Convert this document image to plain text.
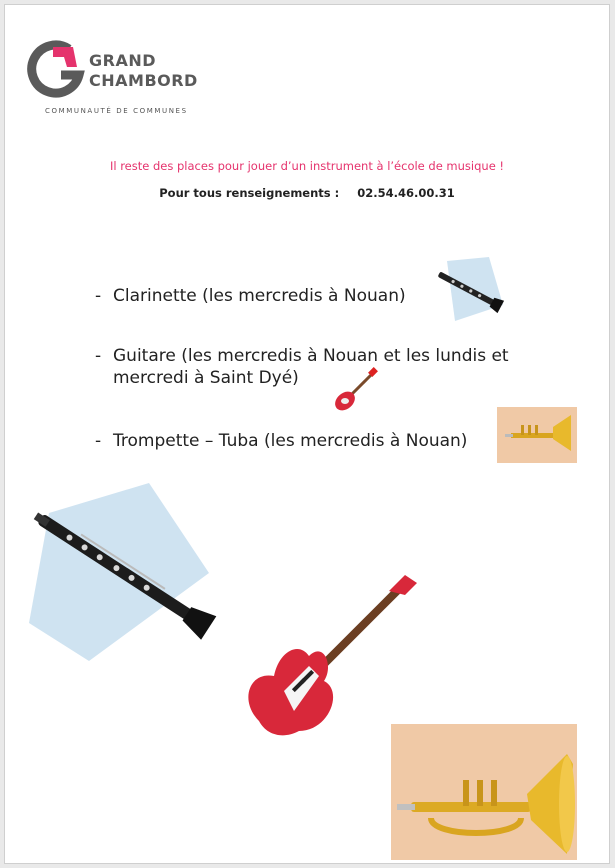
GRAND
CHAMBORD
COMMUNAUTÉ DE COMMUNES
Il reste des places pour jouer d’un instrument à l’école de musique !
Pour tous renseignements : 02.54.46.00.31
- Clarinette (les mercredis à Nouan)
- Guitare (les mercredis à Nouan et les lundis et
mercredi à Saint Dyé)
- Trompette – Tuba (les mercredis à Nouan)
